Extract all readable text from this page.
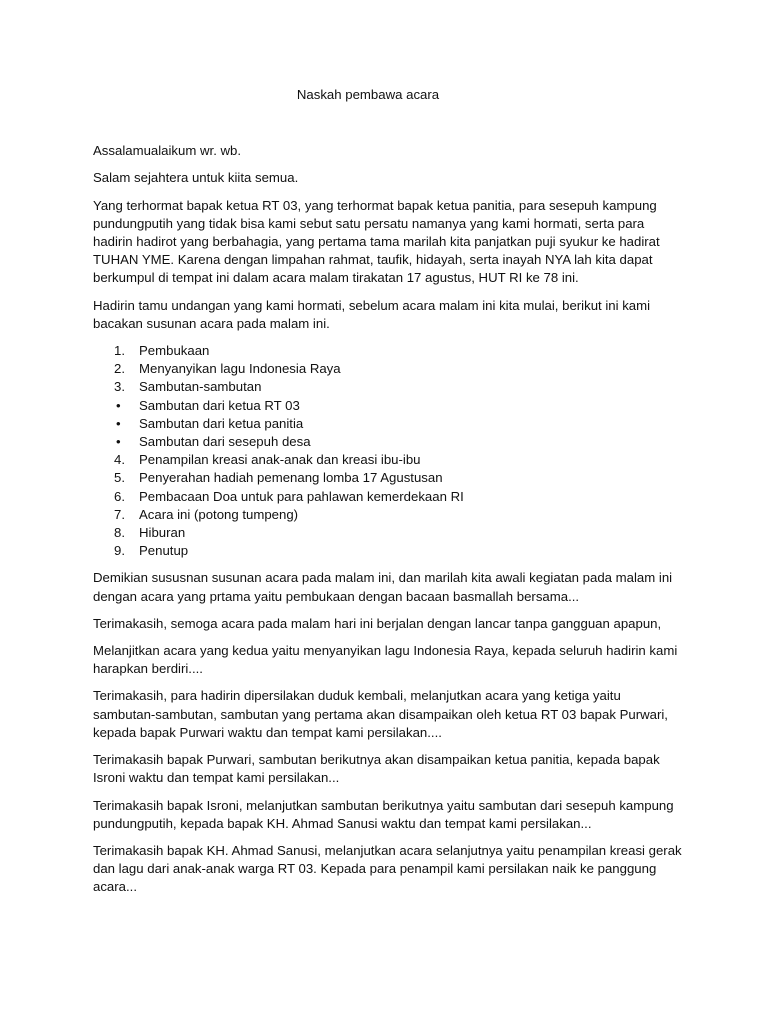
Naskah pembawa acara

Assalamualaikum wr. wb.

Salam sejahtera untuk kiita semua.

Yang terhormat bapak ketua RT 03, yang terhormat bapak ketua panitia, para sesepuh kampung pundungputih yang tidak bisa kami sebut satu persatu namanya yang kami hormati, serta para hadirin hadirot yang berbahagia, yang pertama tama marilah kita panjatkan puji syukur ke hadirat TUHAN YME. Karena dengan limpahan rahmat, taufik, hidayah, serta inayah NYA lah kita dapat berkumpul di tempat ini dalam acara malam tirakatan 17 agustus, HUT RI ke 78 ini.

Hadirin tamu undangan yang kami hormati, sebelum acara malam ini kita mulai, berikut ini kami bacakan susunan acara pada malam ini.

1. Pembukaan
2. Menyanyikan lagu Indonesia Raya
3. Sambutan-sambutan
• Sambutan dari ketua RT 03
• Sambutan dari ketua panitia
• Sambutan dari sesepuh desa
4. Penampilan kreasi anak-anak dan kreasi ibu-ibu
5. Penyerahan hadiah pemenang lomba 17 Agustusan
6. Pembacaan Doa untuk para pahlawan kemerdekaan RI
7. Acara ini (potong tumpeng)
8. Hiburan
9. Penutup

Demikian sususnan susunan acara pada malam ini, dan marilah kita awali kegiatan pada malam ini dengan acara yang prtama yaitu pembukaan dengan bacaan basmallah bersama...

Terimakasih, semoga acara pada malam hari ini berjalan dengan lancar tanpa gangguan apapun,

Melanjitkan acara yang kedua yaitu menyanyikan lagu Indonesia Raya, kepada seluruh hadirin kami harapkan berdiri....

Terimakasih, para hadirin dipersilakan duduk kembali, melanjutkan acara yang ketiga yaitu sambutan-sambutan, sambutan yang pertama akan disampaikan oleh ketua RT 03 bapak Purwari, kepada bapak Purwari waktu dan tempat kami persilakan....

Terimakasih bapak Purwari, sambutan berikutnya akan disampaikan ketua panitia, kepada bapak Isroni waktu dan tempat kami persilakan...

Terimakasih bapak Isroni, melanjutkan sambutan berikutnya yaitu sambutan dari sesepuh kampung pundungputih, kepada bapak KH. Ahmad Sanusi waktu dan tempat kami persilakan...

Terimakasih bapak KH. Ahmad Sanusi, melanjutkan acara selanjutnya yaitu penampilan kreasi gerak dan lagu dari anak-anak warga RT 03. Kepada para penampil kami persilakan naik ke panggung acara...
